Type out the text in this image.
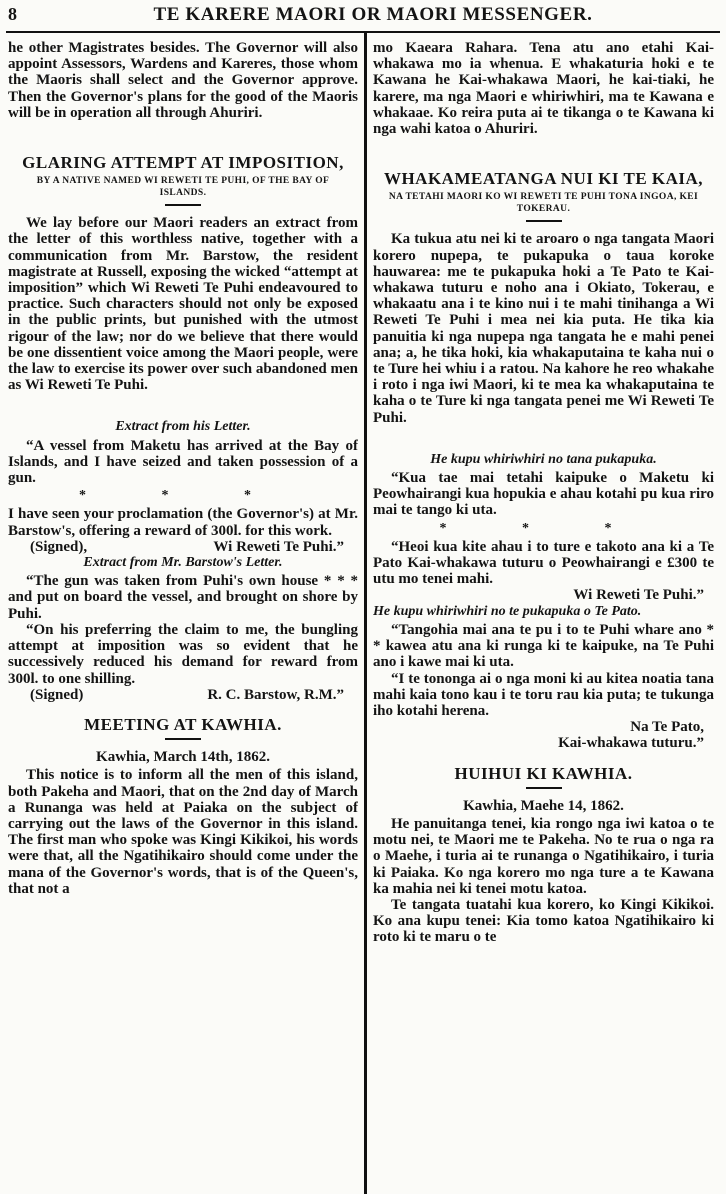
8	TE KARERE MAORI OR MAORI MESSENGER.

he other Magistrates besides. The Governor will also appoint Assessors, Wardens and Kareres, those whom the Maoris shall select and the Governor approve. Then the Governor's plans for the good of the Maoris will be in operation all through Ahuriri.

GLARING ATTEMPT AT IMPOSITION,
BY A NATIVE NAMED WI REWETI TE PUHI, OF THE BAY OF ISLANDS.

We lay before our Maori readers an extract from the letter of this worthless native, together with a communication from Mr. Barstow, the resident magistrate at Russell, exposing the wicked “attempt at imposition” which Wi Reweti Te Puhi endeavoured to practice. Such characters should not only be exposed in the public prints, but punished with the utmost rigour of the law; nor do we believe that there would be one dissentient voice among the Maori people, were the law to exercise its power over such abandoned men as Wi Reweti Te Puhi.

Extract from his Letter.

“A vessel from Maketu has arrived at the Bay of Islands, and I have seized and taken possession of a gun.

* * *

I have seen your proclamation (the Governor's) at Mr. Barstow's, offering a reward of 300l. for this work.

(Signed),	Wi Reweti Te Puhi.”
Extract from Mr. Barstow's Letter.

“The gun was taken from Puhi's own house * * * and put on board the vessel, and brought on shore by Puhi.

“On his preferring the claim to me, the bungling attempt at imposition was so evident that he successively reduced his demand for reward from 300l. to one shilling.

(Signed)	R. C. Barstow, R.M.”
MEETING AT KAWHIA.
Kawhia, March 14th, 1862.

This notice is to inform all the men of this island, both Pakeha and Maori, that on the 2nd day of March a Runanga was held at Paiaka on the subject of carrying out the laws of the Governor in this island. The first man who spoke was Kingi Kikikoi, his words were that, all the Ngatihikairo should come under the mana of the Governor's words, that is of the Queen's, that not a

mo Kaeara Rahara. Tena atu ano etahi Kai-whakawa mo ia whenua. E whakaturia hoki e te Kawana he Kai-whakawa Maori, he kai-tiaki, he karere, ma nga Maori e whiriwhiri, ma te Kawana e whakaae. Ko reira puta ai te tikanga o te Kawana ki nga wahi katoa o Ahuriri.

WHAKAMEATANGA NUI KI TE KAIA,
NA TETAHI MAORI KO WI REWETI TE PUHI TONA INGOA, KEI TOKERAU.

Ka tukua atu nei ki te aroaro o nga tangata Maori korero nupepa, te pukapuka o taua koroke hauwarea: me te pukapuka hoki a Te Pato te Kai-whakawa tuturu e noho ana i Okiato, Tokerau, e whakaatu ana i te kino nui i te mahi tinihanga a Wi Reweti Te Puhi i mea nei kia puta. He tika kia panuitia ki nga nupepa nga tangata he e mahi penei ana; a, he tika hoki, kia whakaputaina te kaha nui o te Ture hei whiu i a ratou. Na kahore he reo whakahe i roto i nga iwi Maori, ki te mea ka whakaputaina te kaha o te Ture ki nga tangata penei me Wi Reweti Te Puhi.

He kupu whiriwhiri no tana pukapuka.

“Kua tae mai tetahi kaipuke o Maketu ki Peowhairangi kua hopukia e ahau kotahi pu kua riro mai te tango ki uta.

* * *

“Heoi kua kite ahau i to ture e takoto ana ki a Te Pato Kai-whakawa tuturu o Peowhairangi e £300 te utu mo tenei mahi.

Wi Reweti Te Puhi.”
He kupu whiriwhiri no te pukapuka o Te Pato.

“Tangohia mai ana te pu i to te Puhi whare ano * * kawea atu ana ki runga ki te kaipuke, na Te Puhi ano i kawe mai ki uta.

“I te tononga ai o nga moni ki au kitea noatia tana mahi kaia tono kau i te toru rau kia puta; te tukunga iho kotahi herena.

Na Te Pato,
Kai-whakawa tuturu.”
HUIHUI KI KAWHIA.
Kawhia, Maehe 14, 1862.

He panuitanga tenei, kia rongo nga iwi katoa o te motu nei, te Maori me te Pakeha. No te rua o nga ra o Maehe, i turia ai te runanga o Ngatihikairo, i turia ki Paiaka. Ko nga korero mo nga ture a te Kawana ka mahia nei ki tenei motu katoa.

Te tangata tuatahi kua korero, ko Kingi Kikikoi. Ko ana kupu tenei: Kia tomo katoa Ngatihikairo ki roto ki te maru o te
